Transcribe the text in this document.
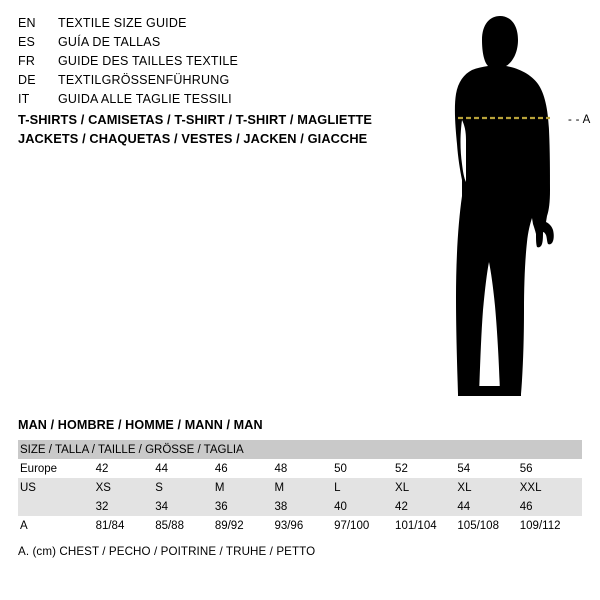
EN	TEXTILE SIZE GUIDE
ES	GUÍA DE TALLAS
FR	GUIDE DES TAILLES TEXTILE
DE	TEXTILGRÖSSENFÜHRUNG
IT	GUIDA ALLE TAGLIE TESSILI
T-SHIRTS / CAMISETAS / T-SHIRT / T-SHIRT / MAGLIETTE
JACKETS / CHAQUETAS / VESTES / JACKEN / GIACCHE
- - A
MAN / HOMBRE / HOMME / MANN / MAN
SIZE / TALLA / TAILLE / GRÖSSE / TAGLIA								
Europe	42	44	46	48	50	52	54	56
US	XS	S	M	M	L	XL	XL	XXL
	32	34	36	38	40	42	44	46
A	81/84	85/88	89/92	93/96	97/100	101/104	105/108	109/112
A. (cm) CHEST / PECHO / POITRINE / TRUHE / PETTO
